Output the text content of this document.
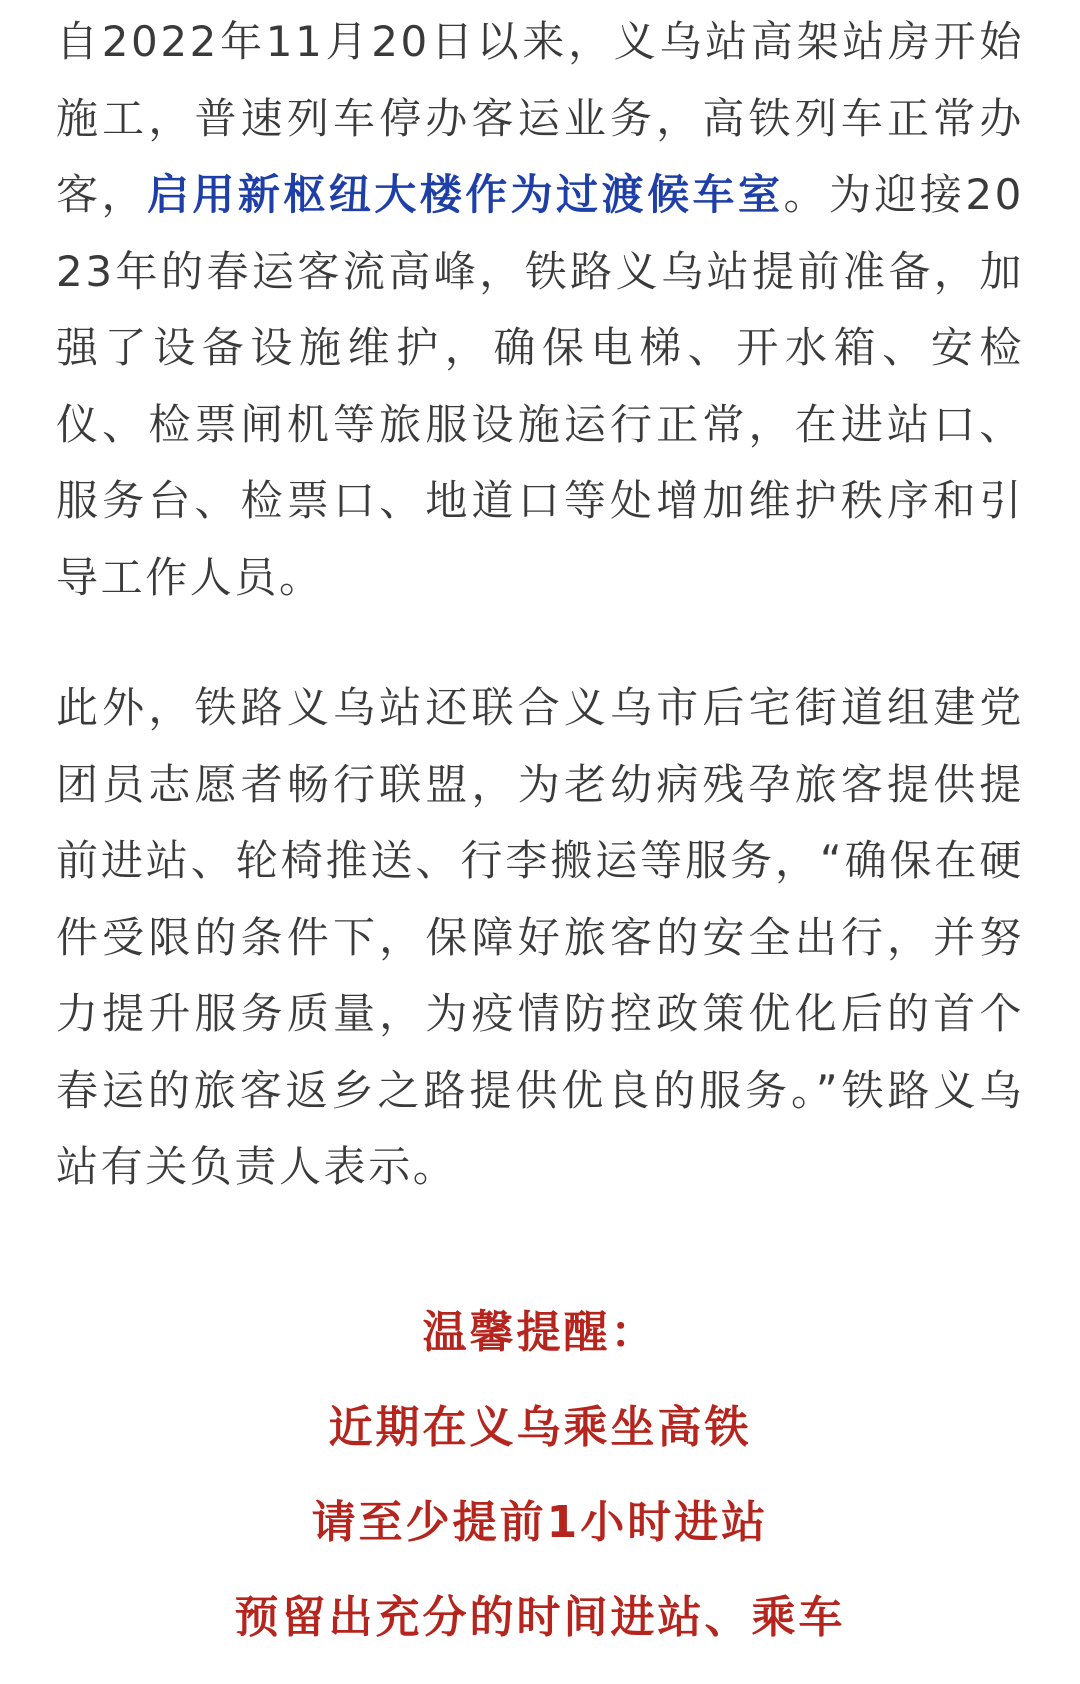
自2022年11月20日以来，义乌站高架站房开始施工，普速列车停办客运业务，高铁列车正常办客，启用新枢纽大楼作为过渡候车室。为迎接2023年的春运客流高峰，铁路义乌站提前准备，加强了设备设施维护，确保电梯、开水箱、安检仪、检票闸机等旅服设施运行正常，在进站口、服务台、检票口、地道口等处增加维护秩序和引导工作人员。

此外，铁路义乌站还联合义乌市后宅街道组建党团员志愿者畅行联盟，为老幼病残孕旅客提供提前进站、轮椅推送、行李搬运等服务，“确保在硬件受限的条件下，保障好旅客的安全出行，并努力提升服务质量，为疫情防控政策优化后的首个春运的旅客返乡之路提供优良的服务。”铁路义乌站有关负责人表示。

温馨提醒：
近期在义乌乘坐高铁
请至少提前1小时进站
预留出充分的时间进站、乘车
